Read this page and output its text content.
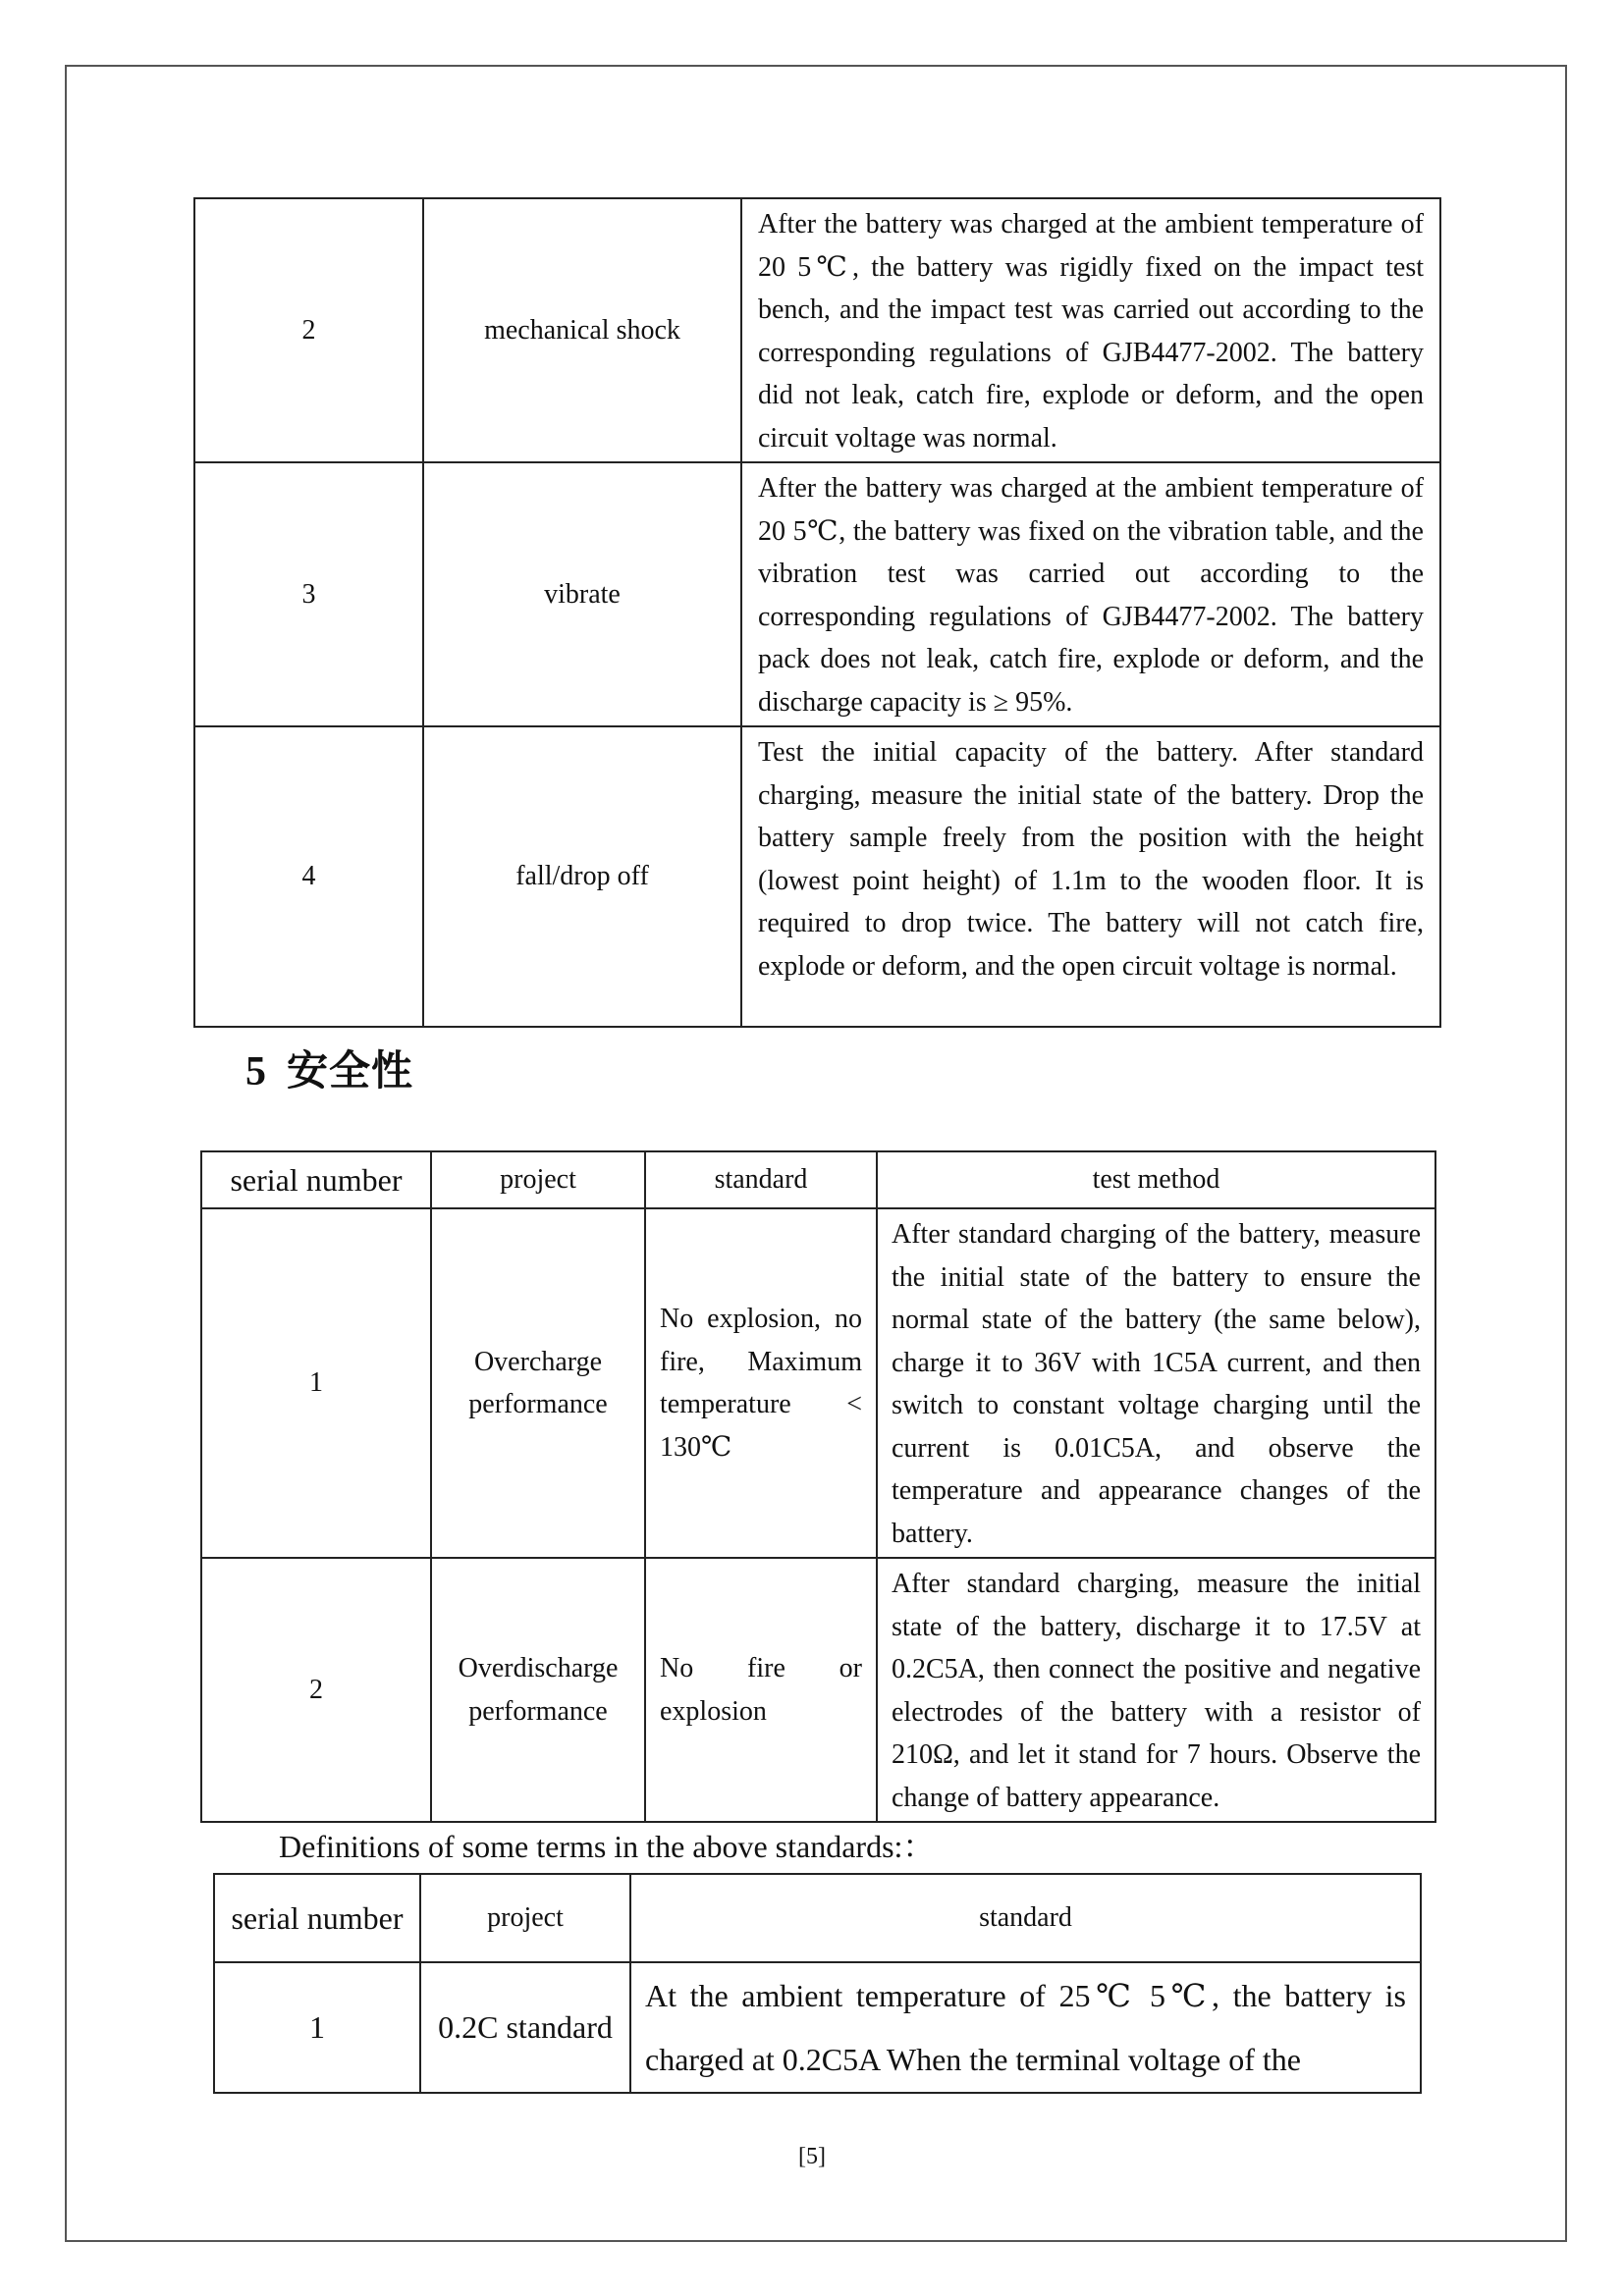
2	mechanical shock	After the battery was charged at the ambient temperature of 20 5℃, the battery was rigidly fixed on the impact test bench, and the impact test was carried out according to the corresponding regulations of GJB4477-2002. The battery did not leak, catch fire, explode or deform, and the open circuit voltage was normal.
3	vibrate	After the battery was charged at the ambient temperature of 20 5℃, the battery was fixed on the vibration table, and the vibration test was carried out according to the corresponding regulations of GJB4477-2002. The battery pack does not leak, catch fire, explode or deform, and the discharge capacity is ≥ 95%.
4	fall/drop off	Test the initial capacity of the battery. After standard charging, measure the initial state of the battery. Drop the battery sample freely from the position with the height (lowest point height) of 1.1m to the wooden floor. It is required to drop twice. The battery will not catch fire, explode or deform, and the open circuit voltage is normal.
5 安全性
serial number	project	standard	test method
1	Overcharge performance	No explosion, no fire, Maximum temperature < 130℃	After standard charging of the battery, measure the initial state of the battery to ensure the normal state of the battery (the same below), charge it to 36V with 1C5A current, and then switch to constant voltage charging until the current is 0.01C5A, and observe the temperature and appearance changes of the battery.
2	Overdischarge performance	No fire or explosion	After standard charging, measure the initial state of the battery, discharge it to 17.5V at 0.2C5A, then connect the positive and negative electrodes of the battery with a resistor of 210Ω, and let it stand for 7 hours. Observe the change of battery appearance.

Definitions of some terms in the above standards:：

serial number	project	standard
1	0.2C standard	At the ambient temperature of 25℃ 5℃, the battery is charged at 0.2C5A When the terminal voltage of the
[5]
